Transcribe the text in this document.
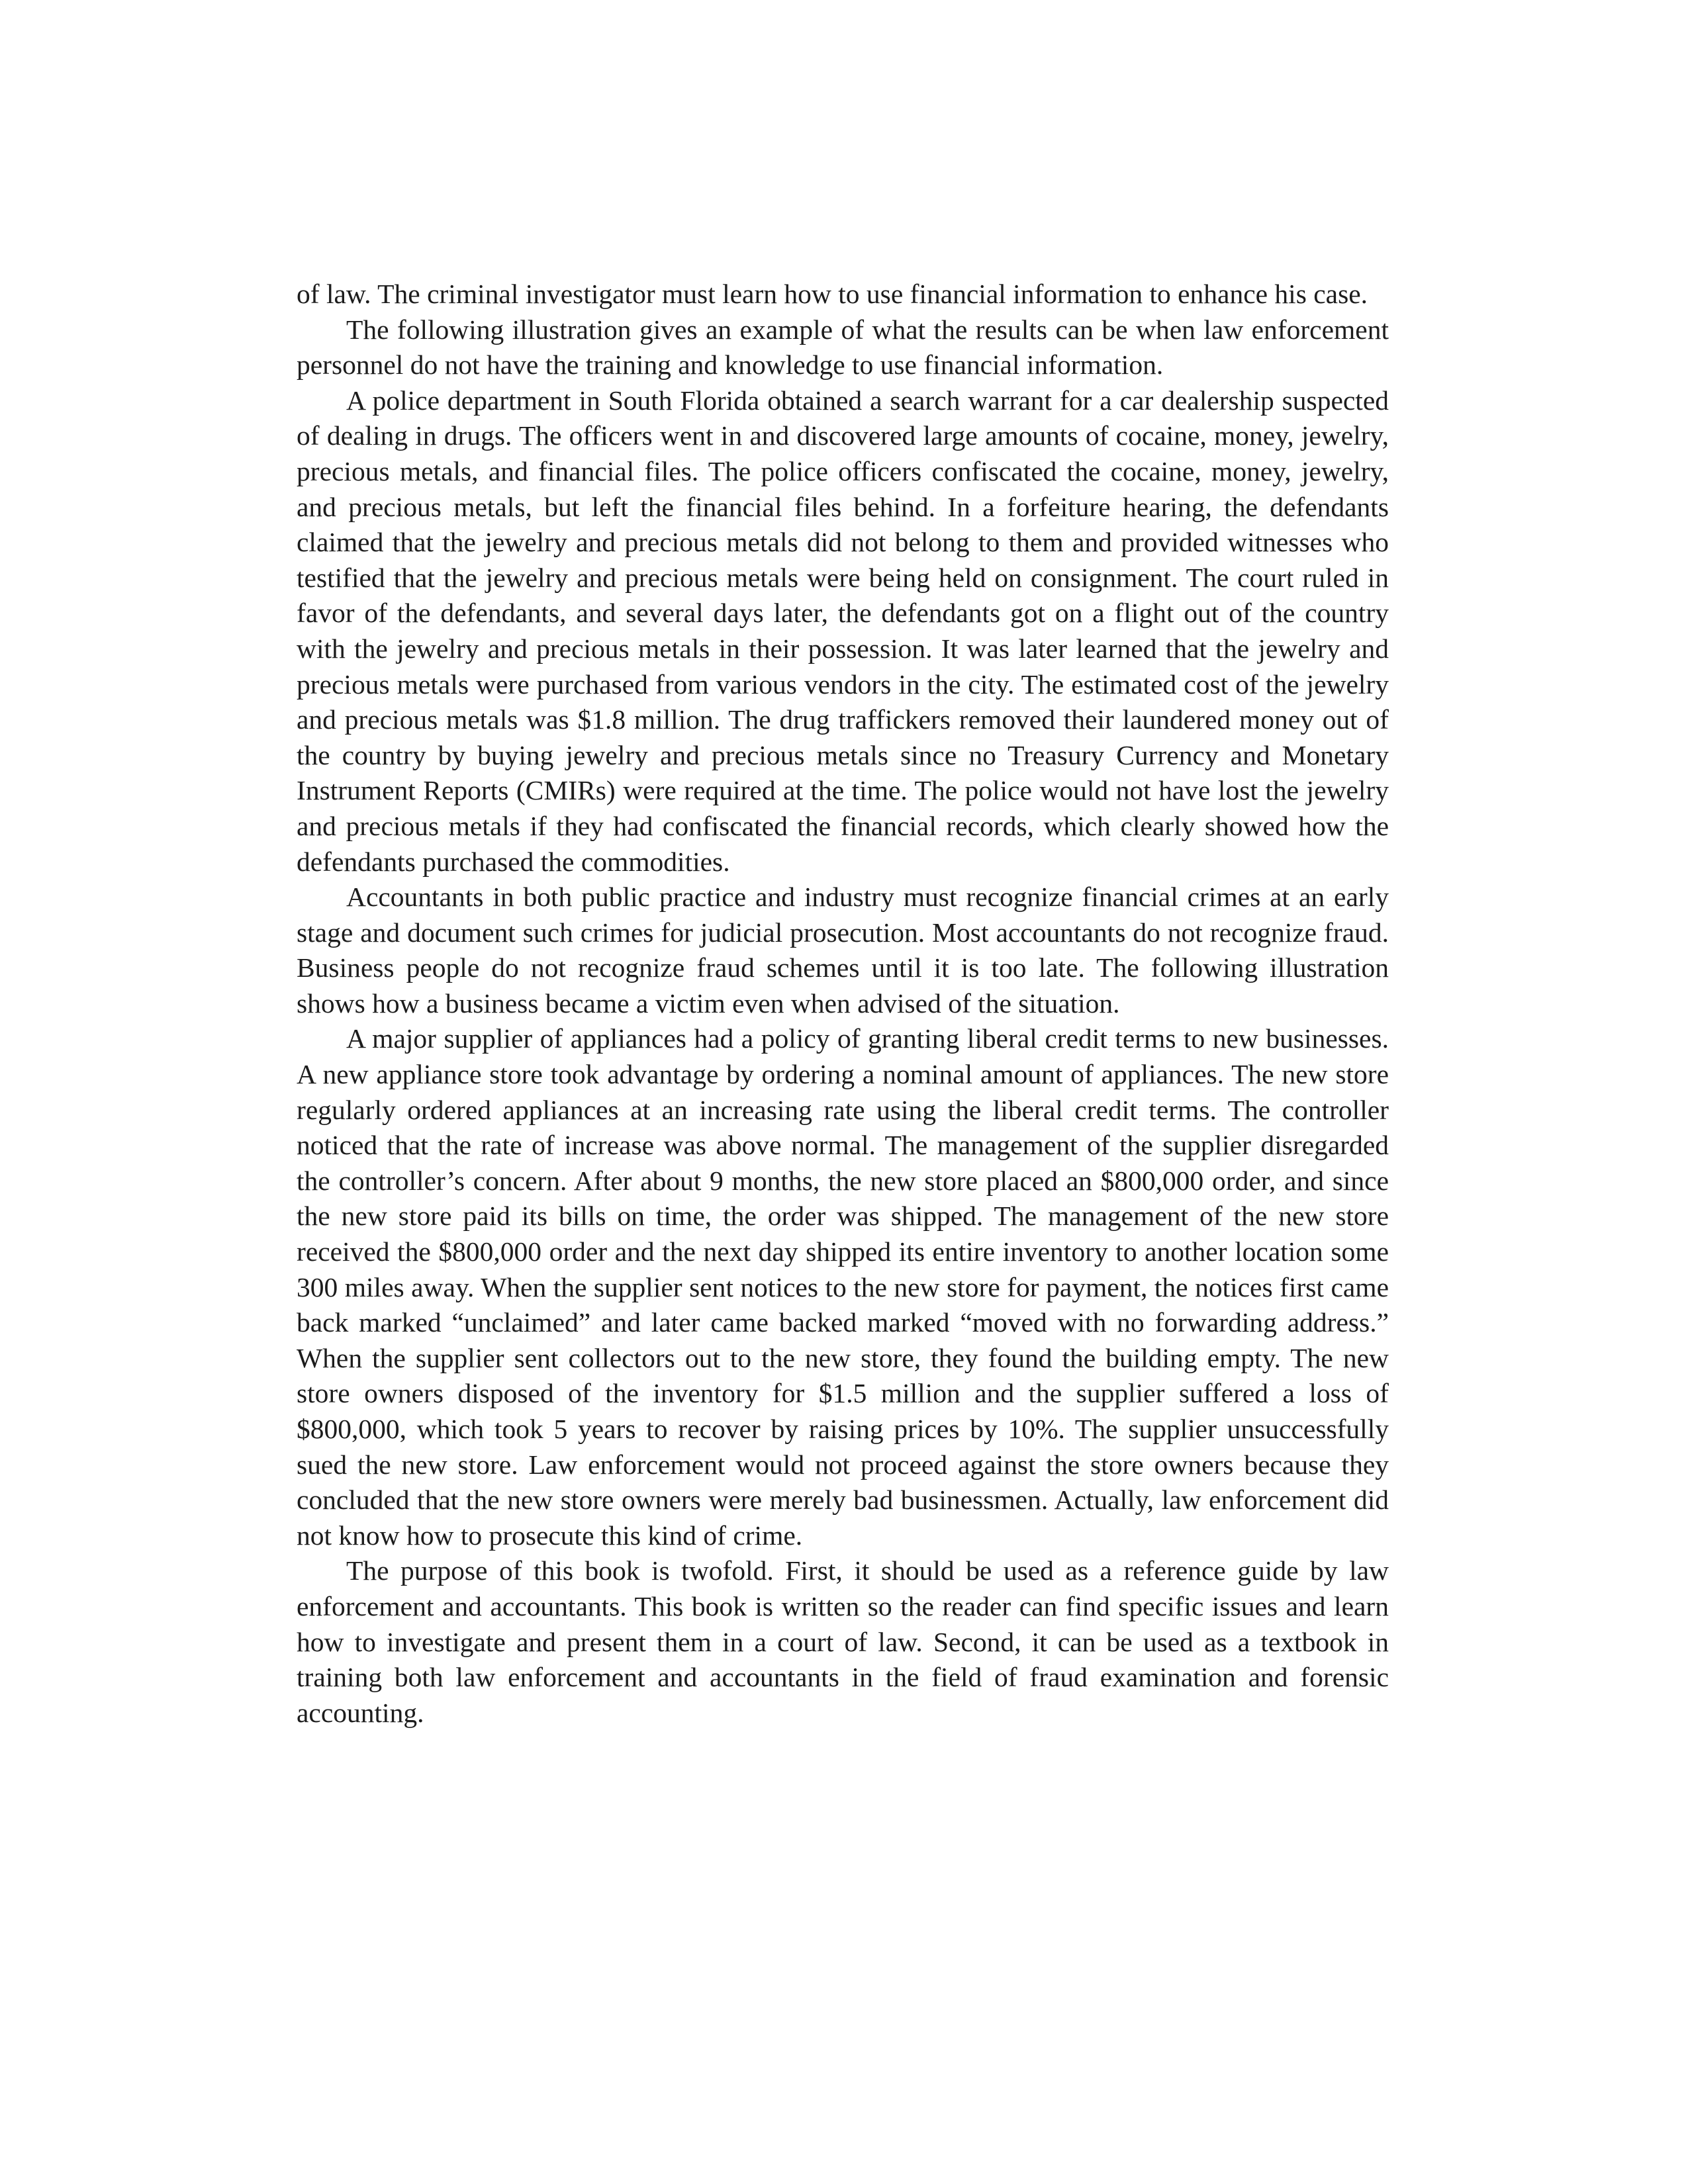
of law. The criminal investigator must learn how to use financial information to enhance his case.

The following illustration gives an example of what the results can be when law enforcement personnel do not have the training and knowledge to use financial information.

A police department in South Florida obtained a search warrant for a car dealership suspected of dealing in drugs. The officers went in and discovered large amounts of cocaine, money, jewelry, precious metals, and financial files. The police officers confiscated the cocaine, money, jewelry, and precious metals, but left the financial files behind. In a forfeiture hearing, the defendants claimed that the jewelry and precious metals did not belong to them and provided witnesses who testified that the jewelry and precious metals were being held on consignment. The court ruled in favor of the defendants, and several days later, the defendants got on a flight out of the country with the jewelry and precious metals in their possession. It was later learned that the jewelry and precious metals were purchased from various vendors in the city. The estimated cost of the jewelry and precious metals was $1.8 million. The drug traffickers removed their laundered money out of the country by buying jewelry and precious metals since no Treasury Currency and Monetary Instrument Reports (CMIRs) were required at the time. The police would not have lost the jewelry and precious metals if they had confiscated the financial records, which clearly showed how the defendants purchased the commodities.

Accountants in both public practice and industry must recognize financial crimes at an early stage and document such crimes for judicial prosecution. Most accountants do not recognize fraud. Business people do not recognize fraud schemes until it is too late. The following illustration shows how a business became a victim even when advised of the situation.

A major supplier of appliances had a policy of granting liberal credit terms to new businesses. A new appliance store took advantage by ordering a nominal amount of appliances. The new store regularly ordered appliances at an increasing rate using the liberal credit terms. The controller noticed that the rate of increase was above normal. The management of the supplier disregarded the controller’s concern. After about 9 months, the new store placed an $800,000 order, and since the new store paid its bills on time, the order was shipped. The management of the new store received the $800,000 order and the next day shipped its entire inventory to another location some 300 miles away. When the supplier sent notices to the new store for payment, the notices first came back marked “unclaimed” and later came backed marked “moved with no forwarding address.” When the supplier sent collectors out to the new store, they found the building empty. The new store owners disposed of the inventory for $1.5 million and the supplier suffered a loss of $800,000, which took 5 years to recover by raising prices by 10%. The supplier unsuccessfully sued the new store. Law enforcement would not proceed against the store owners because they concluded that the new store owners were merely bad businessmen. Actually, law enforcement did not know how to prosecute this kind of crime.

The purpose of this book is twofold. First, it should be used as a reference guide by law enforcement and accountants. This book is written so the reader can find specific issues and learn how to investigate and present them in a court of law. Second, it can be used as a textbook in training both law enforcement and accountants in the field of fraud examination and forensic accounting.
